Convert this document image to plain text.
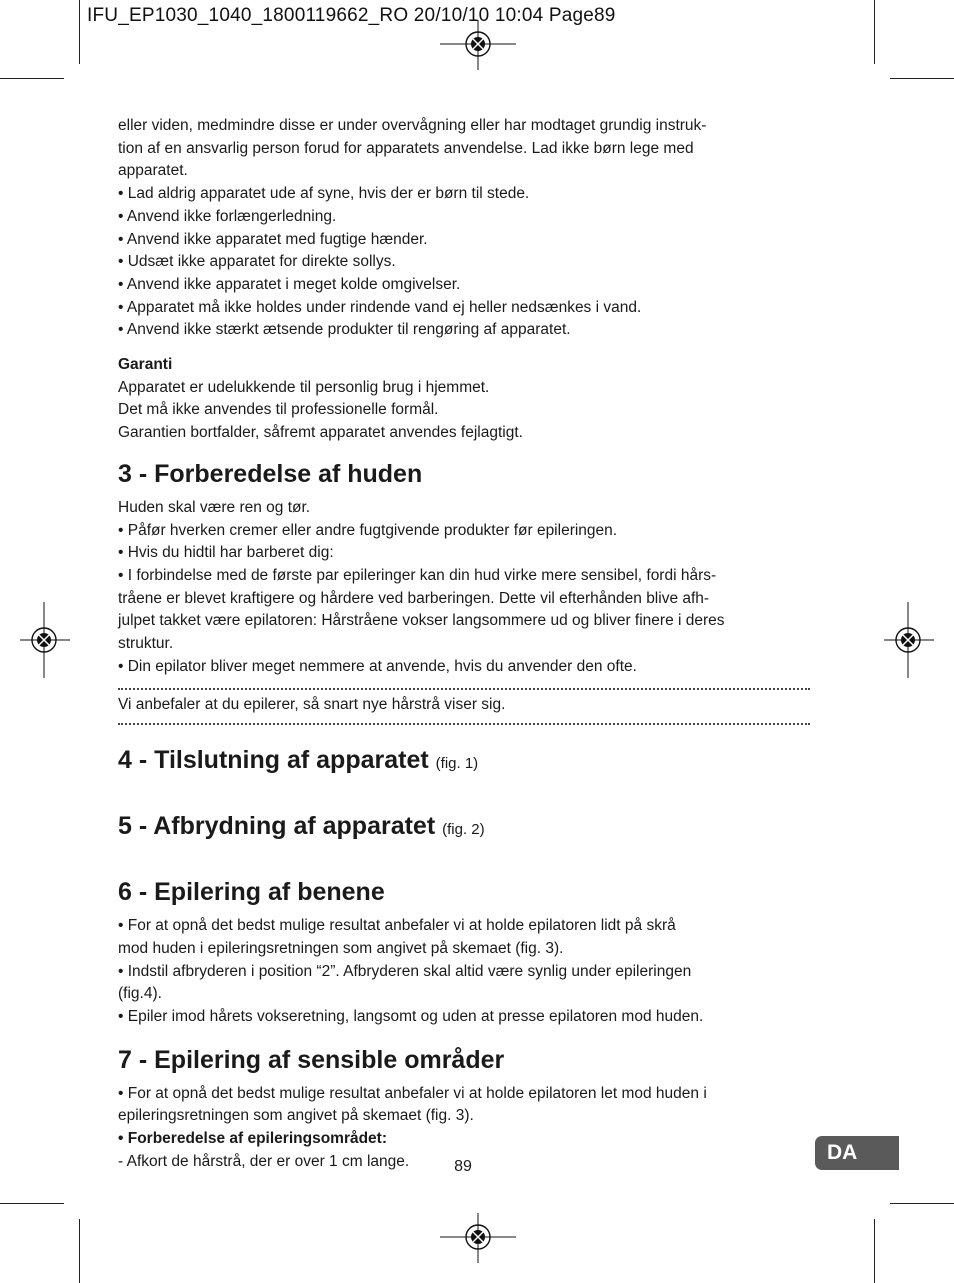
IFU_EP1030_1040_1800119662_RO 20/10/10 10:04 Page89

eller viden, medmindre disse er under overvågning eller har modtaget grundig instruk-

tion af en ansvarlig person forud for apparatets anvendelse. Lad ikke børn lege med

apparatet.

• Lad aldrig apparatet ude af syne, hvis der er børn til stede.

• Anvend ikke forlængerledning.

• Anvend ikke apparatet med fugtige hænder.

• Udsæt ikke apparatet for direkte sollys.

• Anvend ikke apparatet i meget kolde omgivelser.

• Apparatet må ikke holdes under rindende vand ej heller nedsænkes i vand.

• Anvend ikke stærkt ætsende produkter til rengøring af apparatet.

Garanti

Apparatet er udelukkende til personlig brug i hjemmet.

Det må ikke anvendes til professionelle formål.

Garantien bortfalder, såfremt apparatet anvendes fejlagtigt.

3 - Forberedelse af huden

Huden skal være ren og tør.

• Påfør hverken cremer eller andre fugtgivende produkter før epileringen.

• Hvis du hidtil har barberet dig:

• I forbindelse med de første par epileringer kan din hud virke mere sensibel, fordi hårs-

tråene er blevet kraftigere og hårdere ved barberingen. Dette vil efterhånden blive afh-

julpet takket være epilatoren: Hårstråene vokser langsommere ud og bliver finere i deres

struktur.

• Din epilator bliver meget nemmere at anvende, hvis du anvender den ofte.

Vi anbefaler at du epilerer, så snart nye hårstrå viser sig.

4 - Tilslutning af apparatet (fig. 1)
5 - Afbrydning af apparatet (fig. 2)
6 - Epilering af benene

• For at opnå det bedst mulige resultat anbefaler vi at holde epilatoren lidt på skrå

mod huden i epileringsretningen som angivet på skemaet (fig. 3).

• Indstil afbryderen i position “2”. Afbryderen skal altid være synlig under epileringen

(fig.4).

• Epiler imod hårets vokseretning, langsomt og uden at presse epilatoren mod huden.

7 - Epilering af sensible områder

• For at opnå det bedst mulige resultat anbefaler vi at holde epilatoren let mod huden i

epileringsretningen som angivet på skemaet (fig. 3).

• Forberedelse af epileringsområdet:

- Afkort de hårstrå, der er over 1 cm lange.	89
DA
